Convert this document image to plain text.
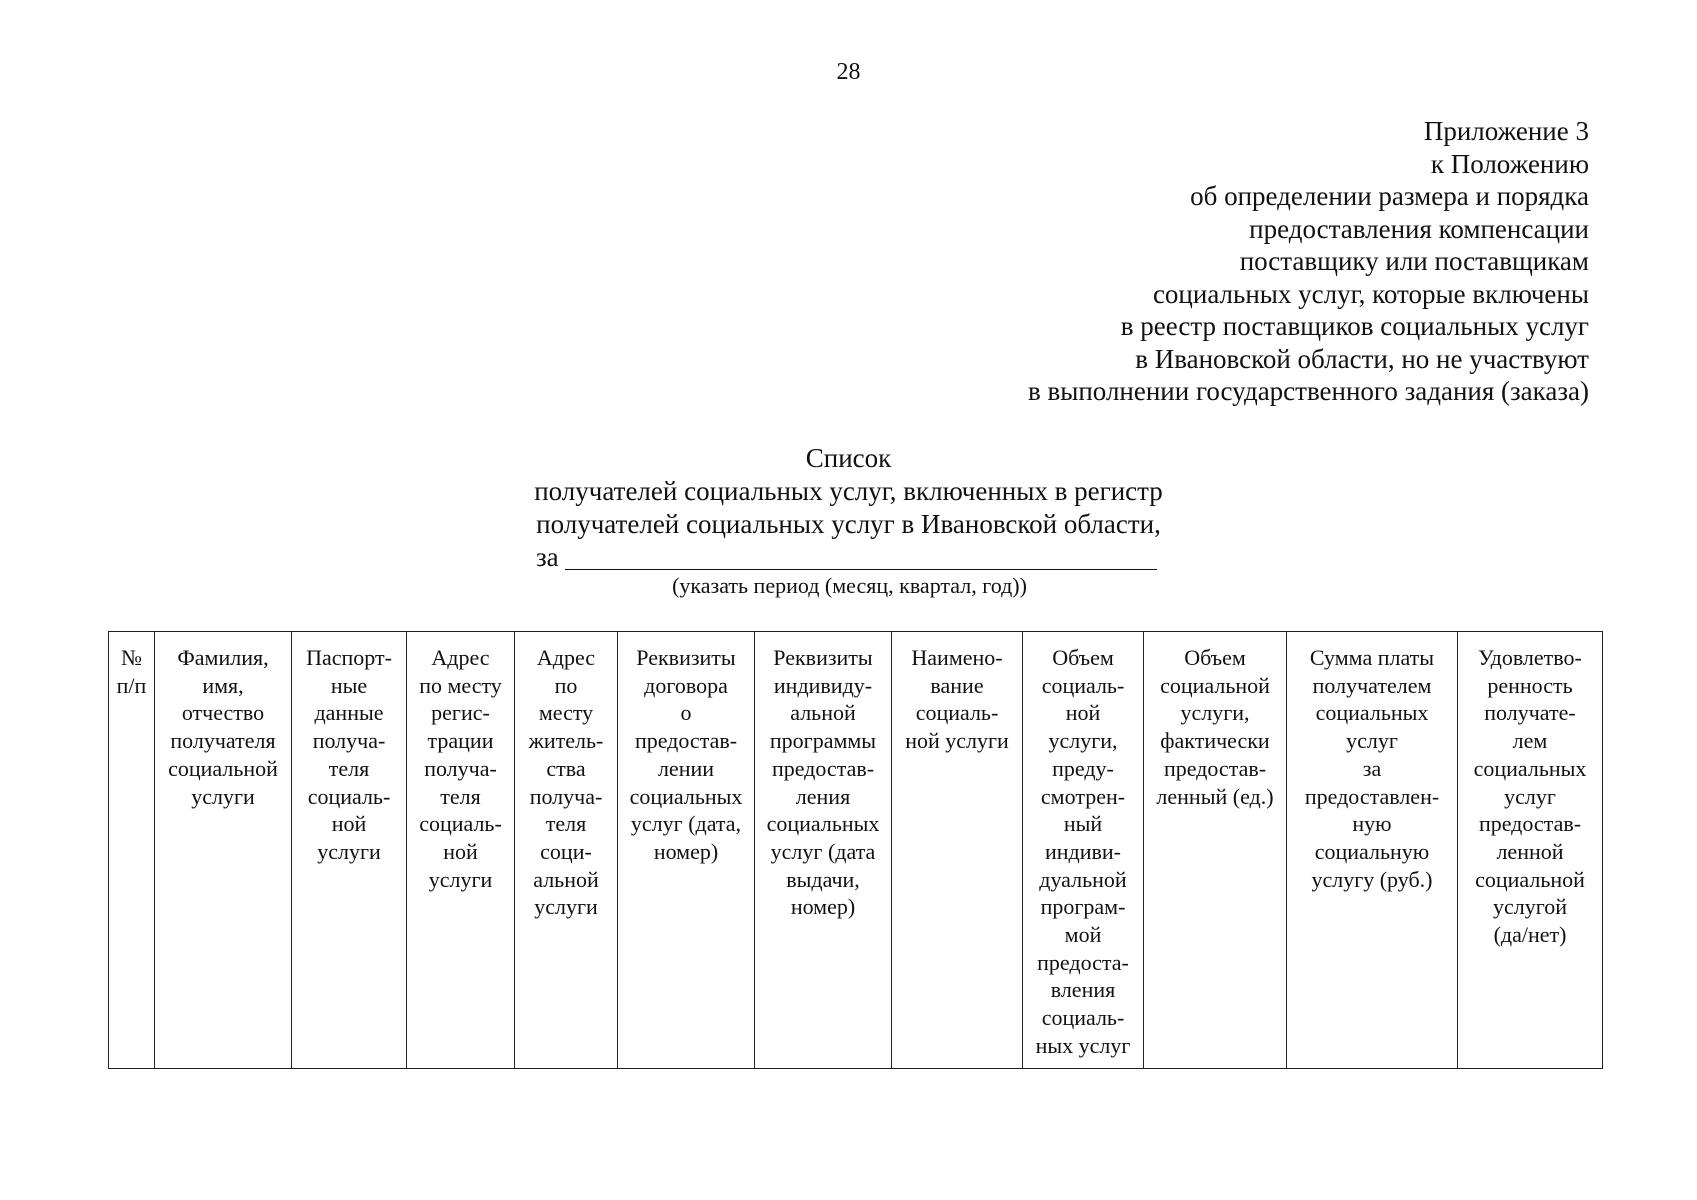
28
Приложение 3
к Положению
об определении размера и порядка
предоставления компенсации
поставщику или поставщикам
социальных услуг, которые включены
в реестр поставщиков социальных услуг
в Ивановской области, но не участвуют
в выполнении государственного задания (заказа)
Список
получателей социальных услуг, включенных в регистр
получателей социальных услуг в Ивановской области,
за
(указать период (месяц, квартал, год))
№
п/п

Фамилия,
имя,
отчество
получателя
социальной
услуги

Паспорт-
ные
данные
получа-
теля
социаль-
ной
услуги

Адрес
по месту
регис-
трации
получа-
теля
социаль-
ной
услуги

Адрес
по
месту
житель-
ства
получа-
теля
соци-
альной
услуги

Реквизиты
договора
о
предостав-
лении
социальных
услуг (дата,
номер)

Реквизиты
индивиду-
альной
программы
предостав-
ления
социальных
услуг (дата
выдачи,
номер)

Наимено-
вание
социаль-
ной услуги

Объем
социаль-
ной
услуги,
преду-
смотрен-
ный
индиви-
дуальной
програм-
мой
предоста-
вления
социаль-
ных услуг

Объем
социальной
услуги,
фактически
предостав-
ленный (ед.)

Сумма платы
получателем
социальных
услуг
за
предоставлен-
ную
социальную
услугу (руб.)

Удовлетво-
ренность
получате-
лем
социальных
услуг
предостав-
ленной
социальной
услугой
(да/нет)
